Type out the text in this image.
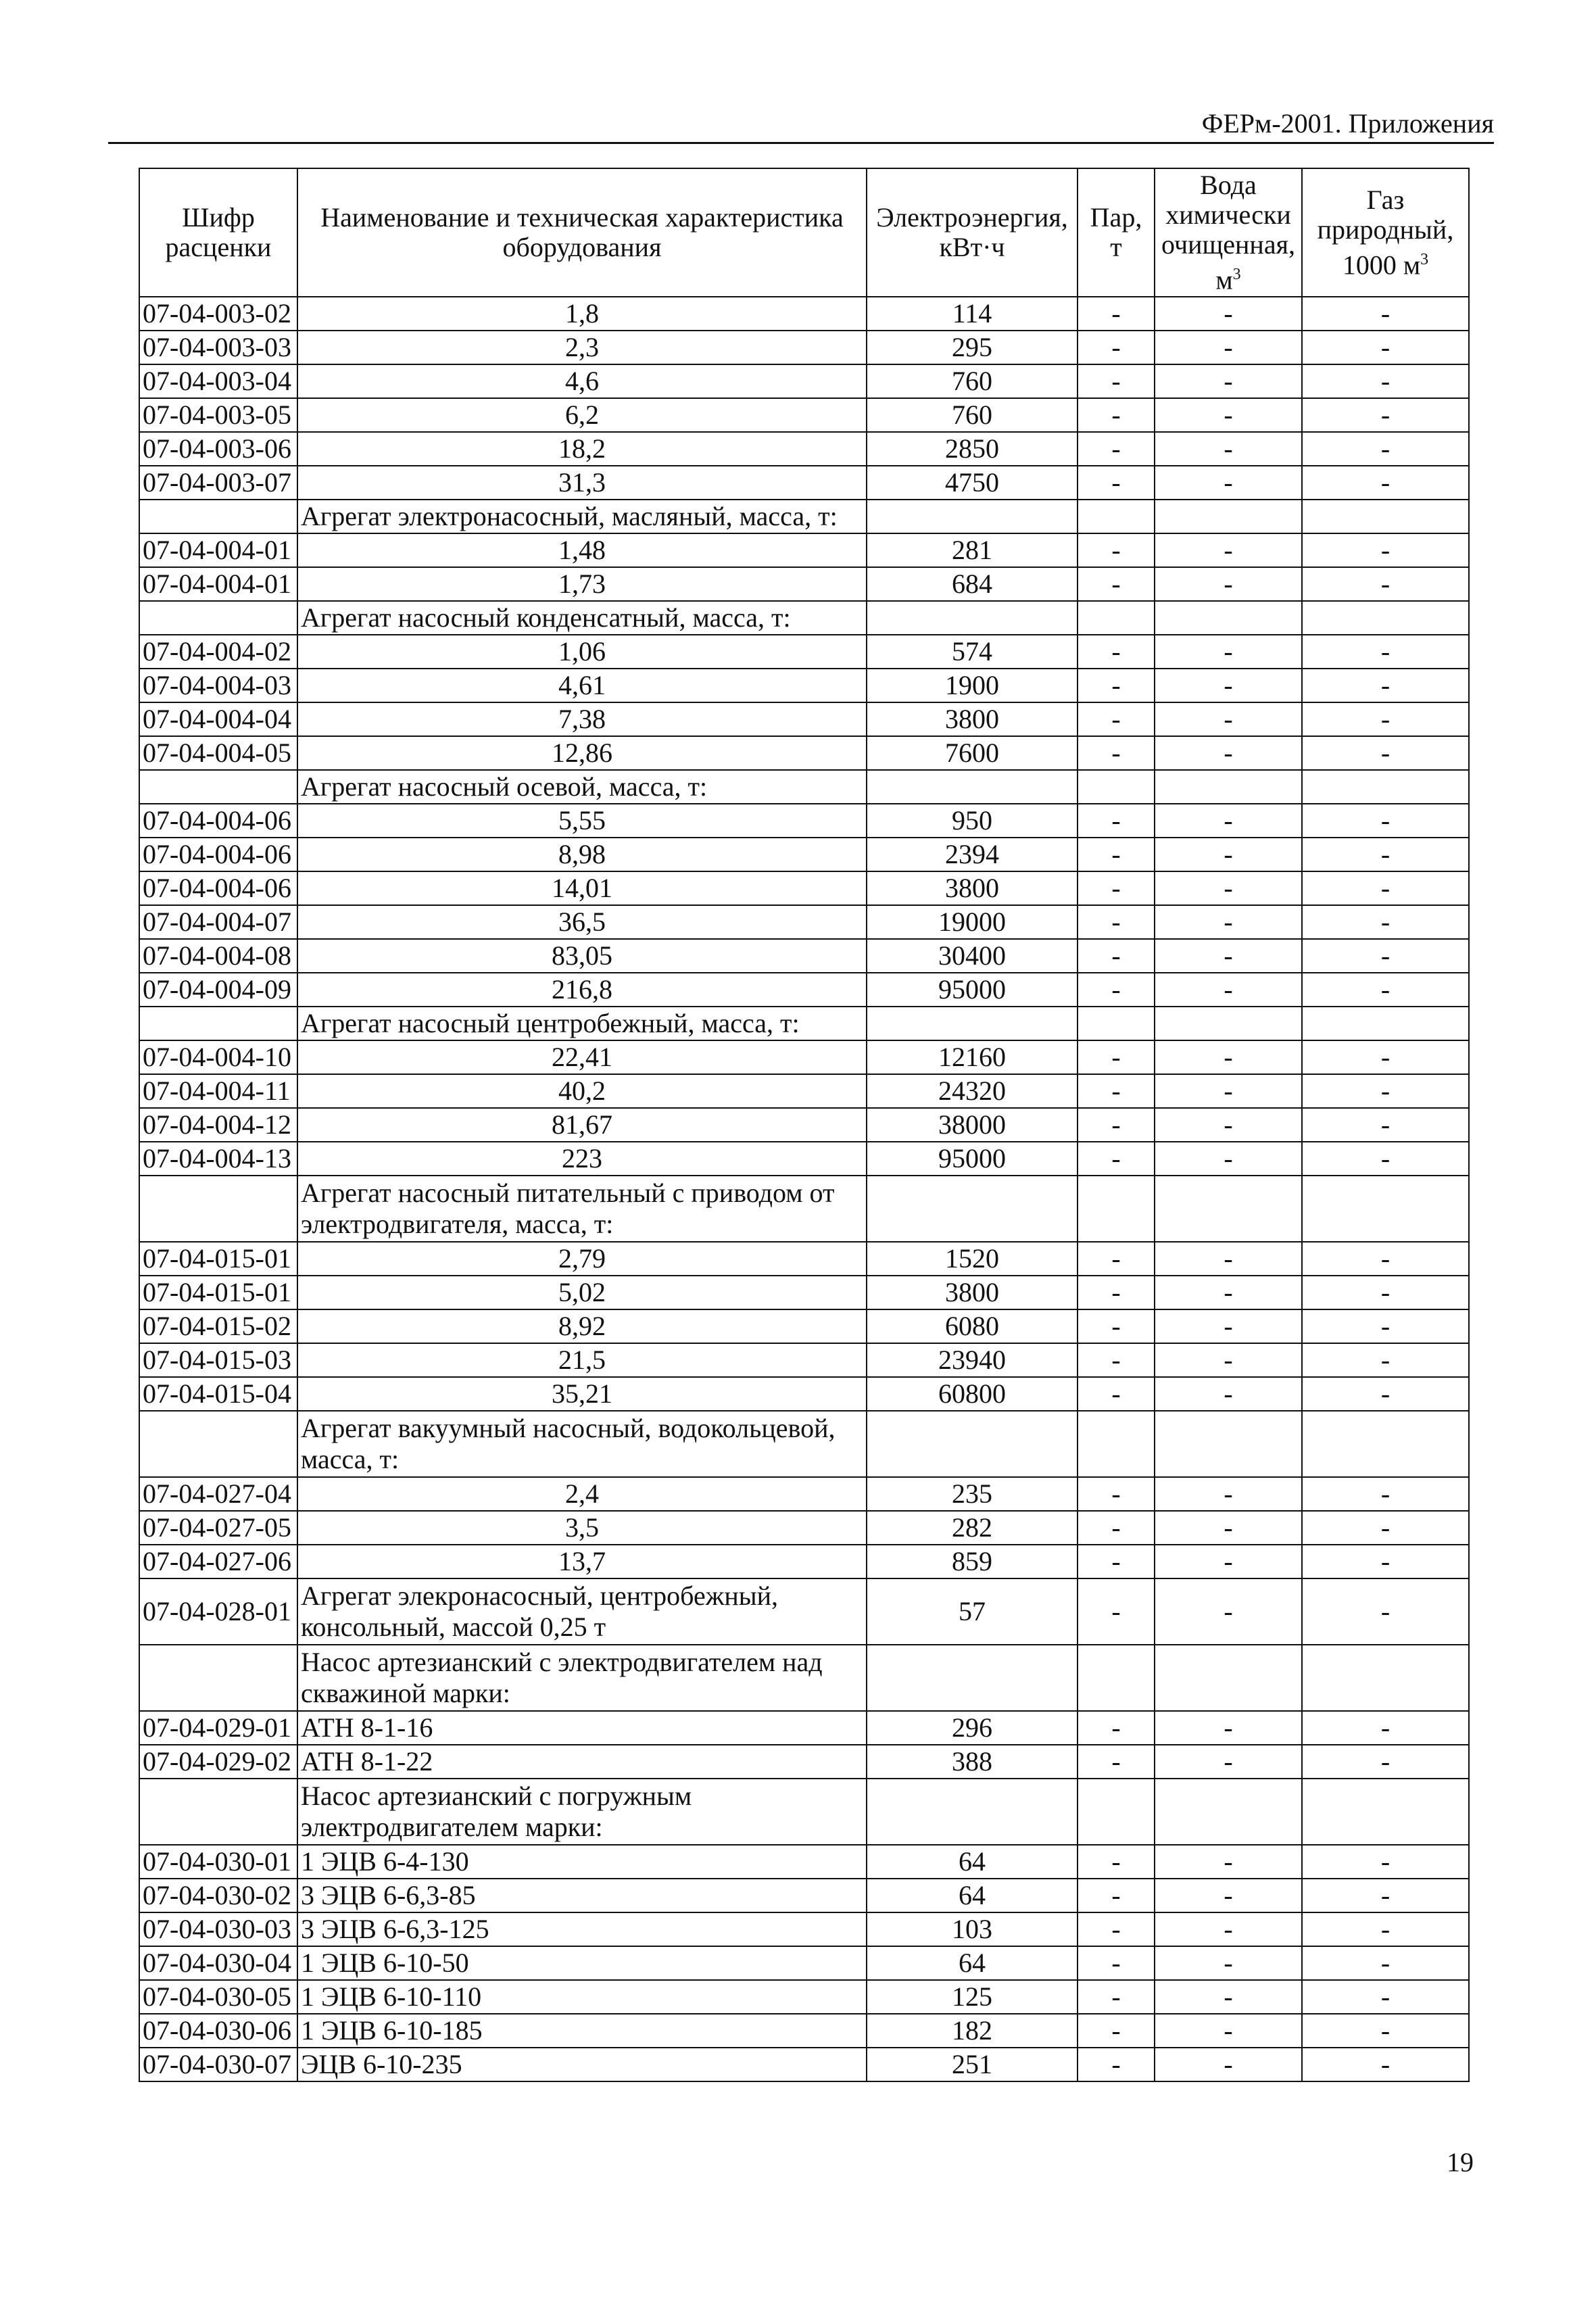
ФЕРм-2001. Приложения
Шифр расценки	Наименование и техническая характеристика оборудования	Электроэнергия, кВт·ч	Пар, т	Вода химически очищенная, $м^3$	Газ природный, 1000 $м^3$
07-04-003-02	1,8	114	-	-	-
07-04-003-03	2,3	295	-	-	-
07-04-003-04	4,6	760	-	-	-
07-04-003-05	6,2	760	-	-	-
07-04-003-06	18,2	2850	-	-	-
07-04-003-07	31,3	4750	-	-	-
	Агрегат электронасосный, масляный, масса, т:				
07-04-004-01	1,48	281	-	-	-
07-04-004-01	1,73	684	-	-	-
	Агрегат насосный конденсатный, масса, т:				
07-04-004-02	1,06	574	-	-	-
07-04-004-03	4,61	1900	-	-	-
07-04-004-04	7,38	3800	-	-	-
07-04-004-05	12,86	7600	-	-	-
	Агрегат насосный осевой, масса, т:				
07-04-004-06	5,55	950	-	-	-
07-04-004-06	8,98	2394	-	-	-
07-04-004-06	14,01	3800	-	-	-
07-04-004-07	36,5	19000	-	-	-
07-04-004-08	83,05	30400	-	-	-
07-04-004-09	216,8	95000	-	-	-
	Агрегат насосный центробежный, масса, т:				
07-04-004-10	22,41	12160	-	-	-
07-04-004-11	40,2	24320	-	-	-
07-04-004-12	81,67	38000	-	-	-
07-04-004-13	223	95000	-	-	-
	Агрегат насосный питательный с приводом от электродвигателя, масса, т:				
07-04-015-01	2,79	1520	-	-	-
07-04-015-01	5,02	3800	-	-	-
07-04-015-02	8,92	6080	-	-	-
07-04-015-03	21,5	23940	-	-	-
07-04-015-04	35,21	60800	-	-	-
	Агрегат вакуумный насосный, водокольцевой, масса, т:				
07-04-027-04	2,4	235	-	-	-
07-04-027-05	3,5	282	-	-	-
07-04-027-06	13,7	859	-	-	-
07-04-028-01	Агрегат элекронасосный, центробежный, консольный, массой 0,25 т	57	-	-	-
	Насос артезианский с электродвигателем над скважиной марки:				
07-04-029-01	АТН 8-1-16	296	-	-	-
07-04-029-02	АТН 8-1-22	388	-	-	-
	Насос артезианский с погружным электродвигателем марки:				
07-04-030-01	1 ЭЦВ 6-4-130	64	-	-	-
07-04-030-02	3 ЭЦВ 6-6,3-85	64	-	-	-
07-04-030-03	3 ЭЦВ 6-6,3-125	103	-	-	-
07-04-030-04	1 ЭЦВ 6-10-50	64	-	-	-
07-04-030-05	1 ЭЦВ 6-10-110	125	-	-	-
07-04-030-06	1 ЭЦВ 6-10-185	182	-	-	-
07-04-030-07	ЭЦВ 6-10-235	251	-	-	-
19
